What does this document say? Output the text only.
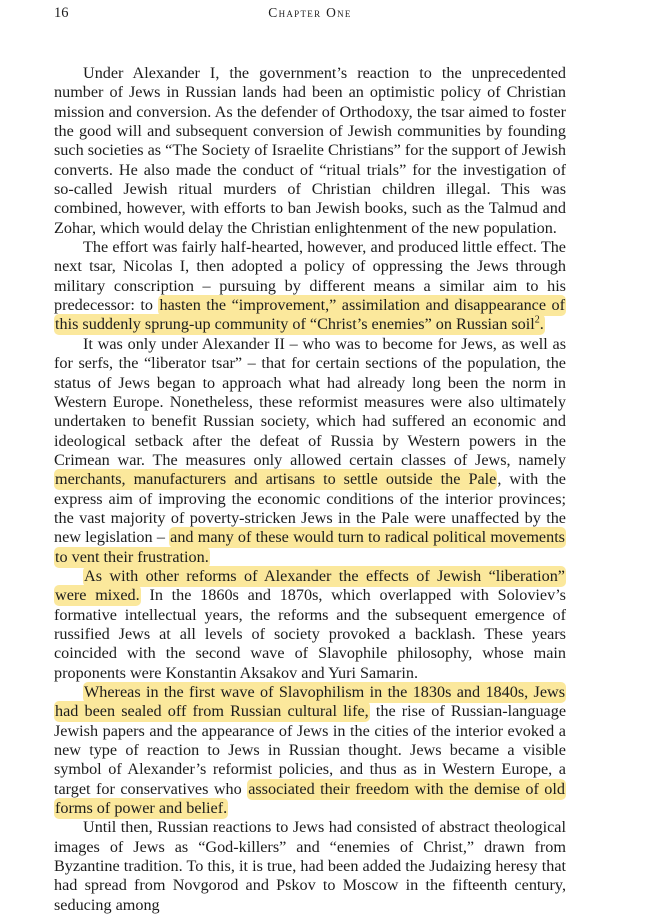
16	Chapter One

Under Alexander I, the government’s reaction to the unprecedented number of Jews in Russian lands had been an optimistic policy of Christian mission and conversion. As the defender of Orthodoxy, the tsar aimed to foster the good will and subsequent conversion of Jewish communities by founding such societies as “The Society of Israelite Christians” for the support of Jewish converts. He also made the conduct of “ritual trials” for the investigation of so-called Jewish ritual murders of Christian children illegal. This was combined, however, with efforts to ban Jewish books, such as the Talmud and Zohar, which would delay the Christian enlightenment of the new population.

The effort was fairly half-hearted, however, and produced little effect. The next tsar, Nicolas I, then adopted a policy of oppressing the Jews through military conscription – pursuing by different means a similar aim to his predecessor: to hasten the “improvement,” assimilation and disappearance of this suddenly sprung-up community of “Christ’s enemies” on Russian soil$^2$.

It was only under Alexander II – who was to become for Jews, as well as for serfs, the “liberator tsar” – that for certain sections of the population, the status of Jews began to approach what had already long been the norm in Western Europe. Nonetheless, these reformist measures were also ultimately undertaken to benefit Russian society, which had suffered an economic and ideological setback after the defeat of Russia by Western powers in the Crimean war. The measures only allowed certain classes of Jews, namely merchants, manufacturers and artisans to settle outside the Pale, with the express aim of improving the economic conditions of the interior provinces; the vast majority of poverty-stricken Jews in the Pale were unaffected by the new legislation – and many of these would turn to radical political movements to vent their frustration.

As with other reforms of Alexander the effects of Jewish “liberation” were mixed. In the 1860s and 1870s, which overlapped with Soloviev’s formative intellectual years, the reforms and the subsequent emergence of russified Jews at all levels of society provoked a backlash. These years coincided with the second wave of Slavophile philosophy, whose main proponents were Konstantin Aksakov and Yuri Samarin.

Whereas in the first wave of Slavophilism in the 1830s and 1840s, Jews had been sealed off from Russian cultural life, the rise of Russian-language Jewish papers and the appearance of Jews in the cities of the interior evoked a new type of reaction to Jews in Russian thought. Jews became a visible symbol of Alexander’s reformist policies, and thus as in Western Europe, a target for conservatives who associated their freedom with the demise of old forms of power and belief.

Until then, Russian reactions to Jews had consisted of abstract theological images of Jews as “God-killers” and “enemies of Christ,” drawn from Byzantine tradition. To this, it is true, had been added the Judaizing heresy that had spread from Novgorod and Pskov to Moscow in the fifteenth century, seducing among
